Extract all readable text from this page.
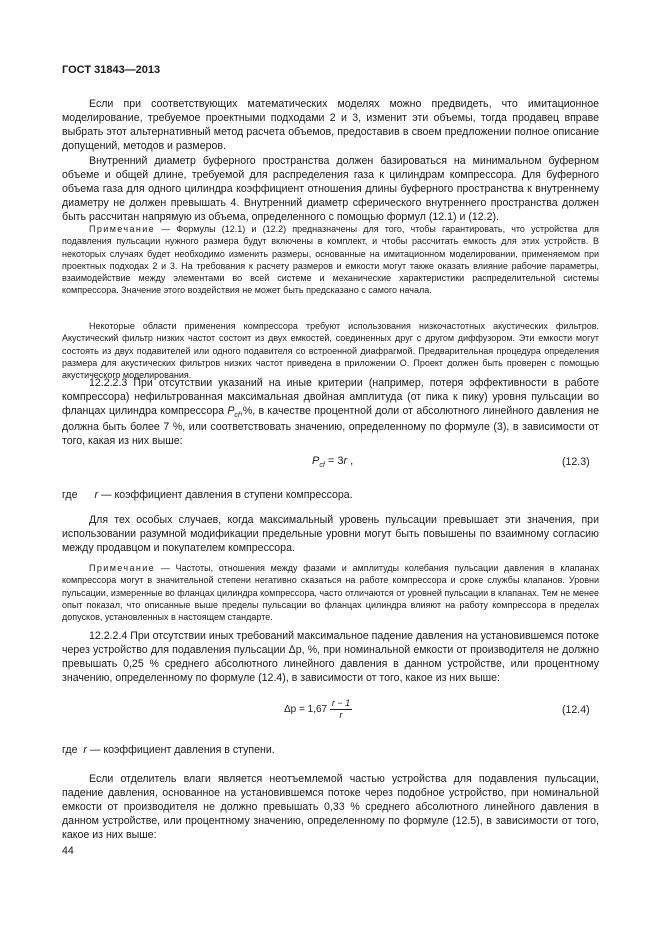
ГОСТ 31843—2013

Если при соответствующих математических моделях можно предвидеть, что имитационное моделирование, требуемое проектными подходами 2 и 3, изменит эти объемы, тогда продавец вправе выбрать этот альтернативный метод расчета объемов, предоставив в своем предложении полное описание допущений, методов и размеров.

Внутренний диаметр буферного пространства должен базироваться на минимальном буферном объеме и общей длине, требуемой для распределения газа к цилиндрам компрессора. Для буферного объема газа для одного цилиндра коэффициент отношения длины буферного пространства к внутреннему диаметру не должен превышать 4. Внутренний диаметр сферического внутреннего пространства должен быть рассчитан напрямую из объема, определенного с помощью формул (12.1) и (12.2).

Примечание — Формулы (12.1) и (12.2) предназначены для того, чтобы гарантировать, что устройства для подавления пульсации нужного размера будут включены в комплект, и чтобы рассчитать емкость для этих устройств. В некоторых случаях будет необходимо изменить размеры, основанные на имитационном моделировании, применяемом при проектных подходах 2 и 3. На требования к расчету размеров и емкости могут также оказать влияние рабочие параметры, взаимодействие между элементами во всей системе и механические характеристики распределительной системы компрессора. Значение этого воздействия не может быть предсказано с самого начала.

Некоторые области применения компрессора требуют использования низкочастотных акустических фильтров. Акустический фильтр низких частот состоит из двух емкостей, соединенных друг с другом диффузором. Эти емкости могут состоять из двух подавителей или одного подавителя со встроенной диафрагмой. Предварительная процедура определения размера для акустических фильтров низких частот приведена в приложении О. Проект должен быть проверен с помощью акустического моделирования.

12.2.2.3 При отсутствии указаний на иные критерии (например, потеря эффективности в работе компрессора) нефильтрованная максимальная двойная амплитуда (от пика к пику) уровня пульсации во фланцах цилиндра компрессора $P_{cf},\%$, в качестве процентной доли от абсолютного линейного давления не должна быть более 7 %, или соответствовать значению, определенному по формуле (3), в зависимости от того, какая из них выше:

$P_{cf} = 3r$ ,	(12.3)
где r — коэффициент давления в ступени компрессора.

Для тех особых случаев, когда максимальный уровень пульсации превышает эти значения, при использовании разумной модификации предельные уровни могут быть повышены по взаимному согласию между продавцом и покупателем компрессора.

Примечание — Частоты, отношения между фазами и амплитуды колебания пульсации давления в клапанах компрессора могут в значительной степени негативно сказаться на работе компрессора и сроке службы клапанов. Уровни пульсации, измеренные во фланцах цилиндра компрессора, часто отличаются от уровней пульсации в клапанах. Тем не менее опыт показал, что описанные выше пределы пульсации во фланцах цилиндра влияют на работу компрессора в пределах допусков, установленных в настоящем стандарте.

12.2.2.4 При отсутствии иных требований максимальное падение давления на установившемся потоке через устройство для подавления пульсации Δp, %, при номинальной емкости от производителя не должно превышать 0,25 % среднего абсолютного линейного давления в данном устройстве, или процентному значению, определенному по формуле (12.4), в зависимости от того, какое из них выше:

$\Delta p = 1,67 \frac{r - 1}{r}$	(12.4)
где  r — коэффициент давления в ступени.

Если отделитель влаги является неотъемлемой частью устройства для подавления пульсации, падение давления, основанное на установившемся потоке через подобное устройство, при номинальной емкости от производителя не должно превышать 0,33 % среднего абсолютного линейного давления в данном устройстве, или процентному значению, определенному по формуле (12.5), в зависимости от того, какое из них выше:

44
